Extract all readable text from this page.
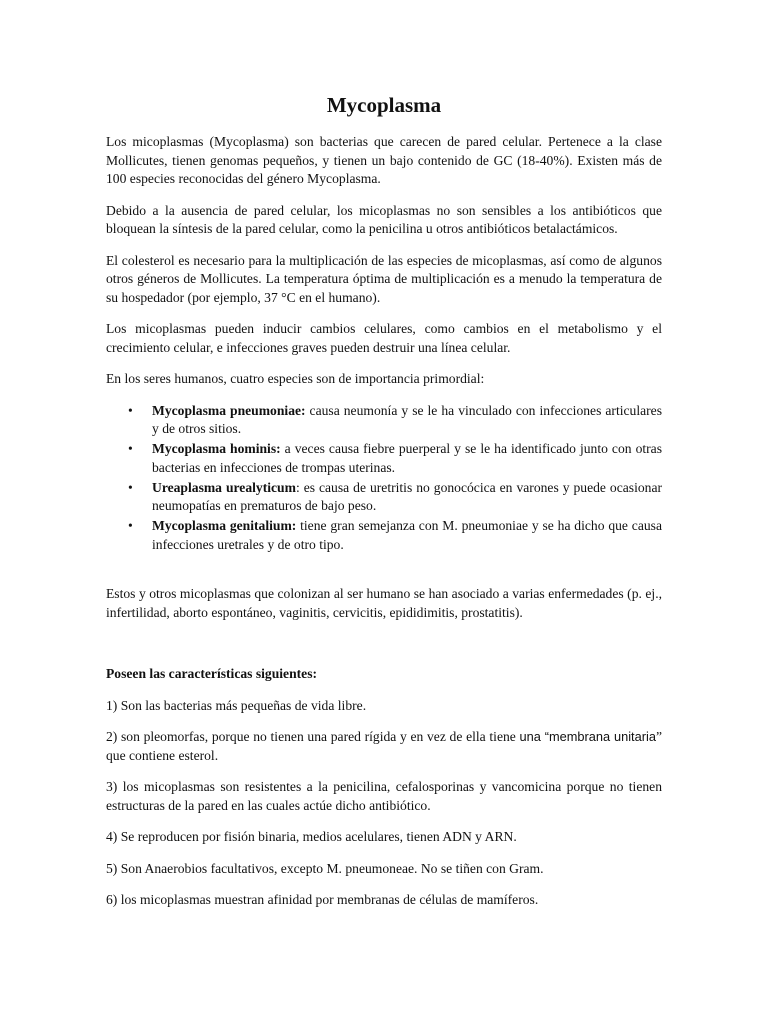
Mycoplasma

Los micoplasmas (Mycoplasma) son bacterias que carecen de pared celular. Pertenece a la clase Mollicutes, tienen genomas pequeños, y tienen un bajo contenido de GC (18-40%). Existen más de 100 especies reconocidas del género Mycoplasma.

Debido a la ausencia de pared celular, los micoplasmas no son sensibles a los antibióticos que bloquean la síntesis de la pared celular, como la penicilina u otros antibióticos betalactámicos.

El colesterol es necesario para la multiplicación de las especies de micoplasmas, así como de algunos otros géneros de Mollicutes. La temperatura óptima de multiplicación es a menudo la temperatura de su hospedador (por ejemplo, 37 °C en el humano).

Los micoplasmas pueden inducir cambios celulares, como cambios en el metabolismo y el crecimiento celular, e infecciones graves pueden destruir una línea celular.

En los seres humanos, cuatro especies son de importancia primordial:

• Mycoplasma pneumoniae: causa neumonía y se le ha vinculado con infecciones articulares y de otros sitios.
• Mycoplasma hominis: a veces causa fiebre puerperal y se le ha identificado junto con otras bacterias en infecciones de trompas uterinas.
• Ureaplasma urealyticum: es causa de uretritis no gonocócica en varones y puede ocasionar neumopatías en prematuros de bajo peso.
• Mycoplasma genitalium: tiene gran semejanza con M. pneumoniae y se ha dicho que causa infecciones uretrales y de otro tipo.

Estos y otros micoplasmas que colonizan al ser humano se han asociado a varias enfermedades (p. ej., infertilidad, aborto espontáneo, vaginitis, cervicitis, epididimitis, prostatitis).

Poseen las características siguientes:

1) Son las bacterias más pequeñas de vida libre.

2) son pleomorfas, porque no tienen una pared rígida y en vez de ella tiene una “membrana unitaria” que contiene esterol.

3) los micoplasmas son resistentes a la penicilina, cefalosporinas y vancomicina porque no tienen estructuras de la pared en las cuales actúe dicho antibiótico.

4) Se reproducen por fisión binaria, medios acelulares, tienen ADN y ARN.

5) Son Anaerobios facultativos, excepto M. pneumoneae. No se tiñen con Gram.

6) los micoplasmas muestran afinidad por membranas de células de mamíferos.
